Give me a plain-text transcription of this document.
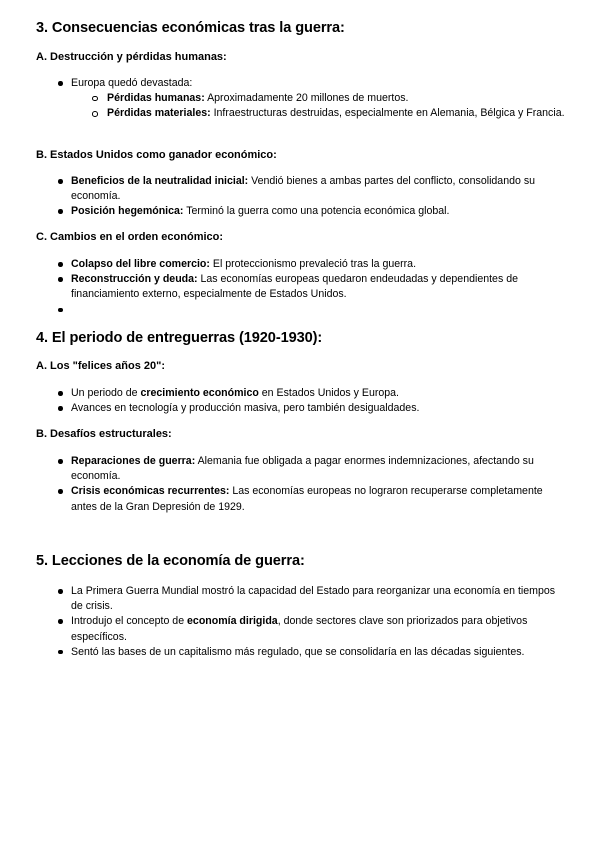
3. Consecuencias económicas tras la guerra:
A. Destrucción y pérdidas humanas:
Europa quedó devastada:
Pérdidas humanas: Aproximadamente 20 millones de muertos.
Pérdidas materiales: Infraestructuras destruidas, especialmente en Alemania, Bélgica y Francia.
B. Estados Unidos como ganador económico:
Beneficios de la neutralidad inicial: Vendió bienes a ambas partes del conflicto, consolidando su economía.
Posición hegemónica: Terminó la guerra como una potencia económica global.
C. Cambios en el orden económico:
Colapso del libre comercio: El proteccionismo prevaleció tras la guerra.
Reconstrucción y deuda: Las economías europeas quedaron endeudadas y dependientes de financiamiento externo, especialmente de Estados Unidos.
4. El periodo de entreguerras (1920-1930):
A. Los "felices años 20":
Un periodo de crecimiento económico en Estados Unidos y Europa.
Avances en tecnología y producción masiva, pero también desigualdades.
B. Desafíos estructurales:
Reparaciones de guerra: Alemania fue obligada a pagar enormes indemnizaciones, afectando su economía.
Crisis económicas recurrentes: Las economías europeas no lograron recuperarse completamente antes de la Gran Depresión de 1929.
5. Lecciones de la economía de guerra:
La Primera Guerra Mundial mostró la capacidad del Estado para reorganizar una economía en tiempos de crisis.
Introdujo el concepto de economía dirigida, donde sectores clave son priorizados para objetivos específicos.
Sentó las bases de un capitalismo más regulado, que se consolidaría en las décadas siguientes.
